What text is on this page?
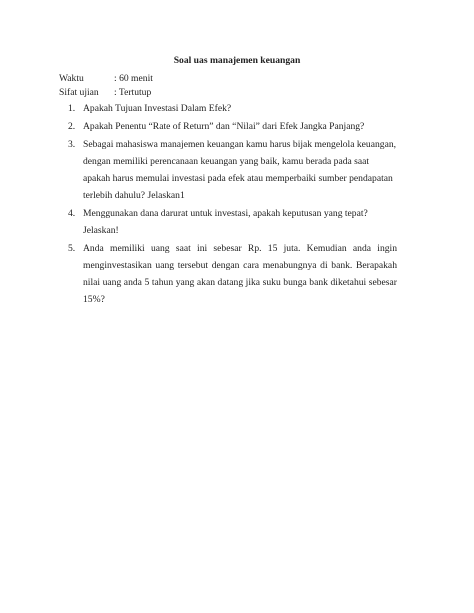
Soal uas manajemen keuangan
Waktu	: 60 menit
Sifat ujian : Tertutup
1. Apakah Tujuan Investasi Dalam Efek?
2. Apakah Penentu “Rate of Return” dan “Nilai” dari Efek Jangka Panjang?
3. Sebagai mahasiswa manajemen keuangan kamu harus bijak mengelola keuangan, dengan memiliki perencanaan keuangan yang baik, kamu berada pada saat apakah harus memulai investasi pada efek atau memperbaiki sumber pendapatan terlebih dahulu? Jelaskan1
4. Menggunakan dana darurat untuk investasi, apakah keputusan yang tepat? Jelaskan!
5. Anda memiliki uang saat ini sebesar Rp. 15 juta. Kemudian anda ingin menginvestasikan uang tersebut dengan cara menabungnya di bank. Berapakah nilai uang anda 5 tahun yang akan datang jika suku bunga bank diketahui sebesar 15%?
